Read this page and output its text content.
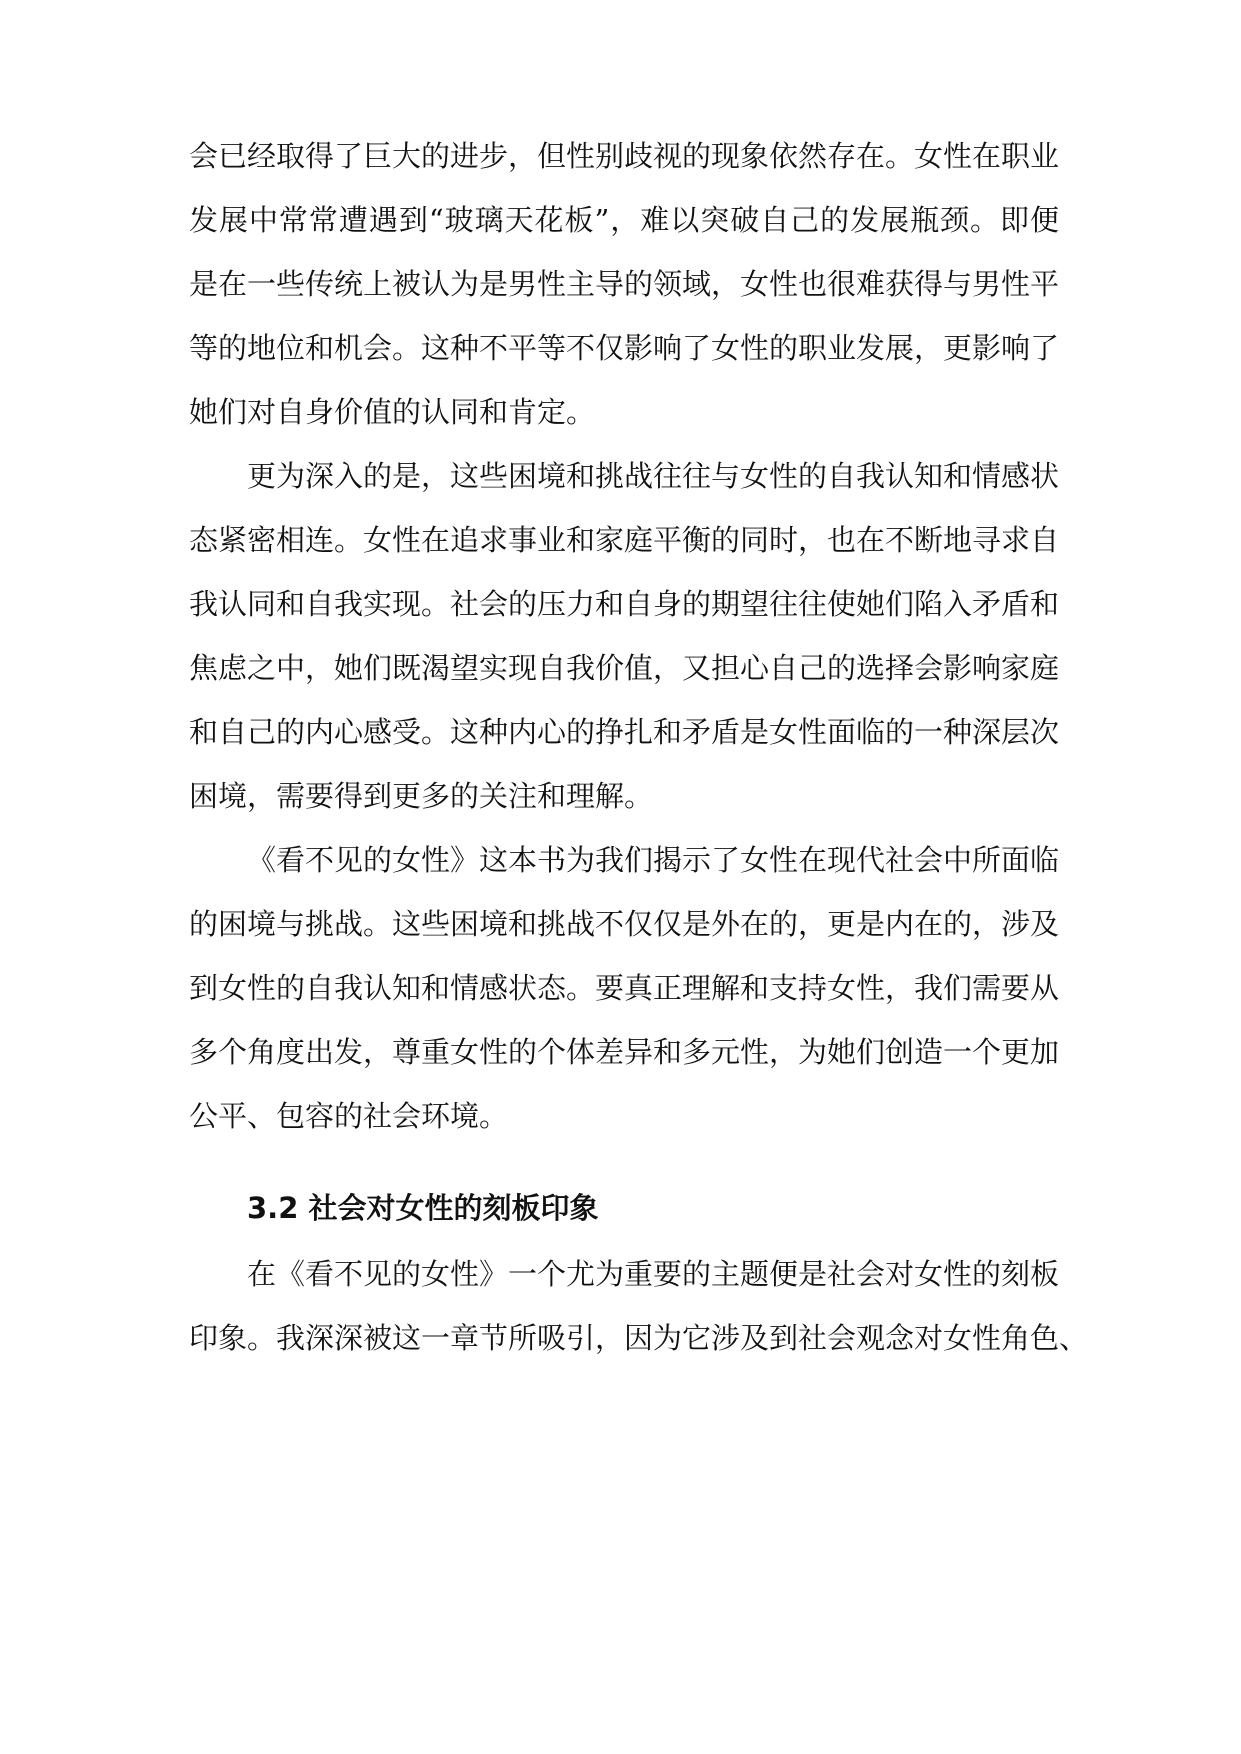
会已经取得了巨大的进步，但性别歧视的现象依然存在。女性在职业
发展中常常遭遇到“玻璃天花板”，难以突破自己的发展瓶颈。即便
是在一些传统上被认为是男性主导的领域，女性也很难获得与男性平
等的地位和机会。这种不平等不仅影响了女性的职业发展，更影响了
她们对自身价值的认同和肯定。
更为深入的是，这些困境和挑战往往与女性的自我认知和情感状
态紧密相连。女性在追求事业和家庭平衡的同时，也在不断地寻求自
我认同和自我实现。社会的压力和自身的期望往往使她们陷入矛盾和
焦虑之中，她们既渴望实现自我价值，又担心自己的选择会影响家庭
和自己的内心感受。这种内心的挣扎和矛盾是女性面临的一种深层次
困境，需要得到更多的关注和理解。
《看不见的女性》这本书为我们揭示了女性在现代社会中所面临
的困境与挑战。这些困境和挑战不仅仅是外在的，更是内在的，涉及
到女性的自我认知和情感状态。要真正理解和支持女性，我们需要从
多个角度出发，尊重女性的个体差异和多元性，为她们创造一个更加
公平、包容的社会环境。
3.2 社会对女性的刻板印象
在《看不见的女性》一个尤为重要的主题便是社会对女性的刻板
印象。我深深被这一章节所吸引，因为它涉及到社会观念对女性角色、
